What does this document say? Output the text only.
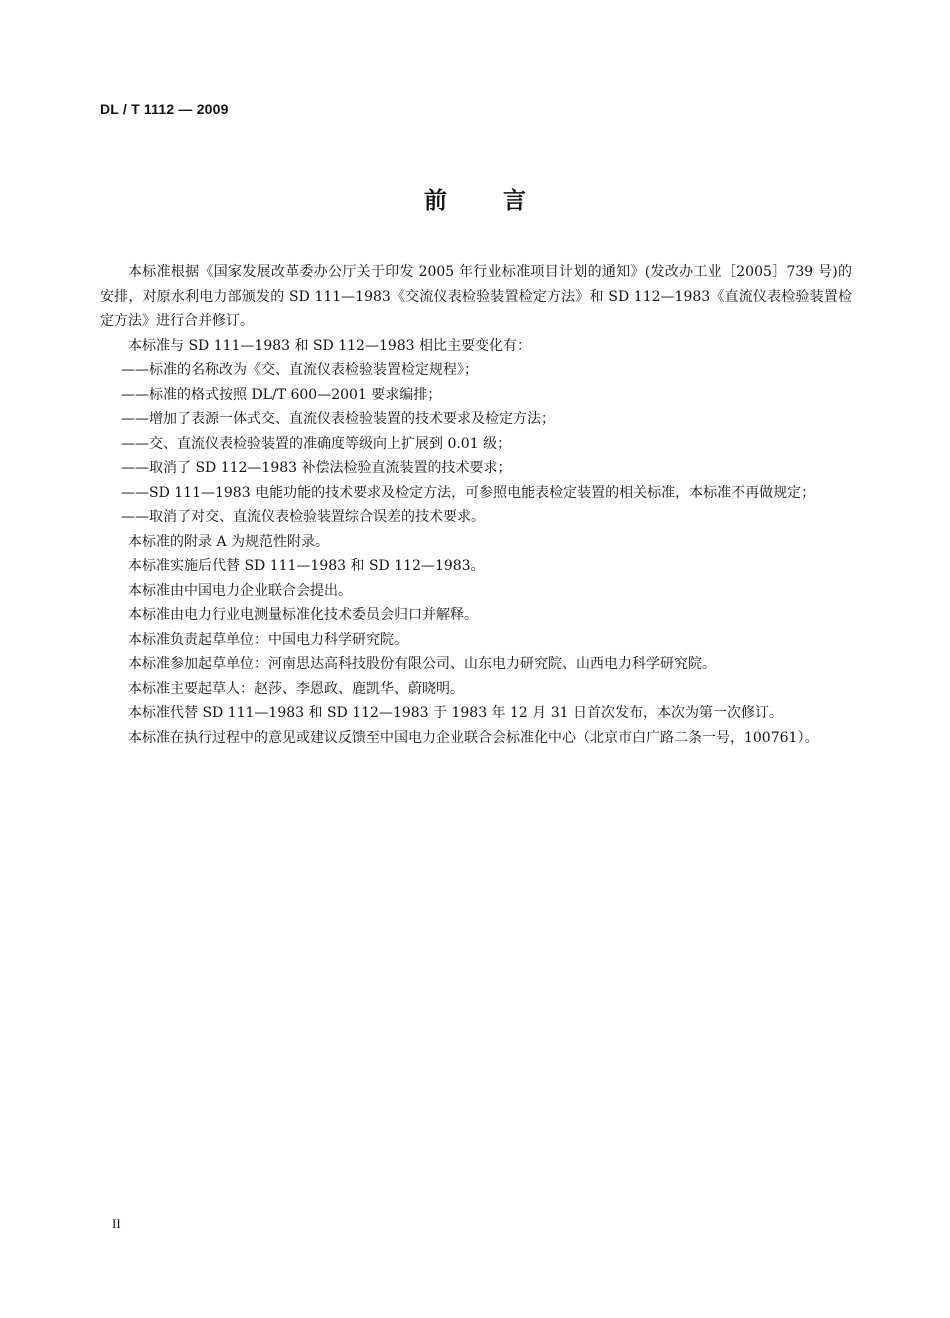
DL / T 1112 — 2009
前言

本标准根据《国家发展改革委办公厅关于印发 2005 年行业标准项目计划的通知》(发改办工业［2005］739 号)的安排，对原水利电力部颁发的 SD 111—1983《交流仪表检验装置检定方法》和 SD 112—1983《直流仪表检验装置检定方法》进行合并修订。

本标准与 SD 111—1983 和 SD 112—1983 相比主要变化有：

——标准的名称改为《交、直流仪表检验装置检定规程》；

——标准的格式按照 DL/T 600—2001 要求编排；

——增加了表源一体式交、直流仪表检验装置的技术要求及检定方法；

——交、直流仪表检验装置的准确度等级向上扩展到 0.01 级；

——取消了 SD 112—1983 补偿法检验直流装置的技术要求；

——SD 111—1983 电能功能的技术要求及检定方法，可参照电能表检定装置的相关标准，本标准不再做规定；

——取消了对交、直流仪表检验装置综合误差的技术要求。

本标准的附录 A 为规范性附录。

本标准实施后代替 SD 111—1983 和 SD 112—1983。

本标准由中国电力企业联合会提出。

本标准由电力行业电测量标准化技术委员会归口并解释。

本标准负责起草单位：中国电力科学研究院。

本标准参加起草单位：河南思达高科技股份有限公司、山东电力研究院、山西电力科学研究院。

本标准主要起草人：赵莎、李恩政、鹿凯华、蔚晓明。

本标准代替 SD 111—1983 和 SD 112—1983 于 1983 年 12 月 31 日首次发布，本次为第一次修订。

本标准在执行过程中的意见或建议反馈至中国电力企业联合会标准化中心（北京市白广路二条一号，100761）。

II
